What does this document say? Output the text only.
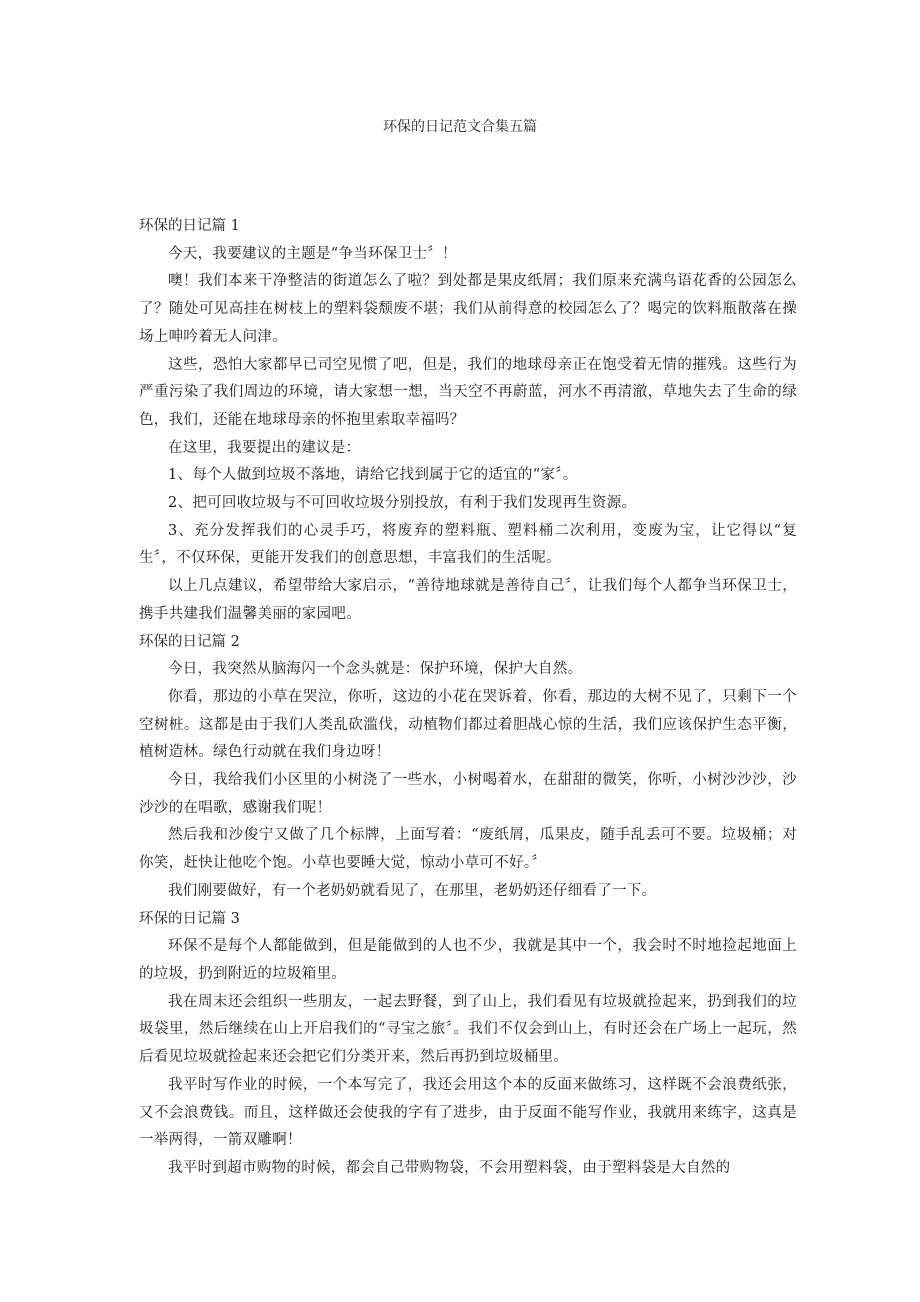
环保的日记范文合集五篇

环保的日记篇 1

今天，我要建议的主题是“争当环保卫士〞！

噢！我们本来干净整洁的街道怎么了啦？到处都是果皮纸屑；我们原来充满鸟语花香的公园怎么了？随处可见高挂在树枝上的塑料袋颓废不堪；我们从前得意的校园怎么了？喝完的饮料瓶散落在操场上呻吟着无人问津。

这些，恐怕大家都早已司空见惯了吧，但是，我们的地球母亲正在饱受着无情的摧残。这些行为严重污染了我们周边的环境，请大家想一想，当天空不再蔚蓝，河水不再清澈，草地失去了生命的绿色，我们，还能在地球母亲的怀抱里索取幸福吗？

在这里，我要提出的建议是：

1、每个人做到垃圾不落地，请给它找到属于它的适宜的“家〞。

2、把可回收垃圾与不可回收垃圾分别投放，有利于我们发现再生资源。

3、充分发挥我们的心灵手巧，将废弃的塑料瓶、塑料桶二次利用，变废为宝，让它得以“复生〞，不仅环保，更能开发我们的创意思想，丰富我们的生活呢。

以上几点建议，希望带给大家启示，“善待地球就是善待自己〞，让我们每个人都争当环保卫士，携手共建我们温馨美丽的家园吧。

环保的日记篇 2

今日，我突然从脑海闪一个念头就是：保护环境，保护大自然。

你看，那边的小草在哭泣，你听，这边的小花在哭诉着，你看，那边的大树不见了，只剩下一个空树桩。这都是由于我们人类乱砍滥伐，动植物们都过着胆战心惊的生活，我们应该保护生态平衡，植树造林。绿色行动就在我们身边呀！

今日，我给我们小区里的小树浇了一些水，小树喝着水，在甜甜的微笑，你听，小树沙沙沙，沙沙沙的在唱歌，感谢我们呢！

然后我和沙俊宁又做了几个标牌，上面写着：“废纸屑，瓜果皮，随手乱丢可不要。垃圾桶；对你笑，赶快让他吃个饱。小草也要睡大觉，惊动小草可不好。〞

我们刚要做好，有一个老奶奶就看见了，在那里，老奶奶还仔细看了一下。

环保的日记篇 3

环保不是每个人都能做到，但是能做到的人也不少，我就是其中一个，我会时不时地捡起地面上的垃圾，扔到附近的垃圾箱里。

我在周末还会组织一些朋友，一起去野餐，到了山上，我们看见有垃圾就捡起来，扔到我们的垃圾袋里，然后继续在山上开启我们的“寻宝之旅〞。我们不仅会到山上，有时还会在广场上一起玩，然后看见垃圾就捡起来还会把它们分类开来，然后再扔到垃圾桶里。

我平时写作业的时候，一个本写完了，我还会用这个本的反面来做练习，这样既不会浪费纸张，又不会浪费钱。而且，这样做还会使我的字有了进步，由于反面不能写作业，我就用来练字，这真是一举两得，一箭双雕啊！

我平时到超市购物的时候，都会自己带购物袋，不会用塑料袋，由于塑料袋是大自然的
